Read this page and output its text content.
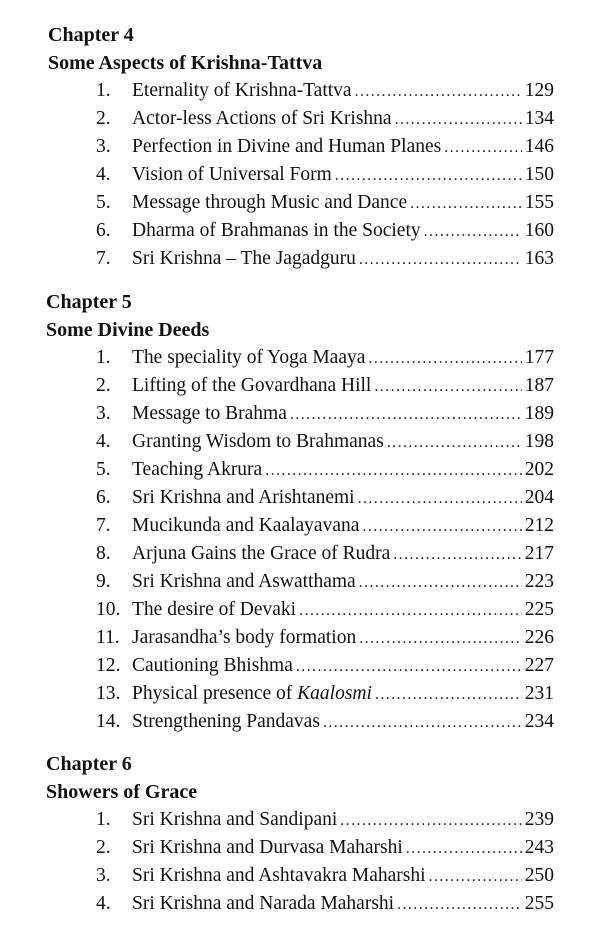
Chapter 4
Some Aspects of Krishna-Tattva
1.	Eternality of Krishna-Tattva .....	129
2.	Actor-less Actions of Sri Krishna .....	134
3.	Perfection in Divine and Human Planes .....	146
4.	Vision of Universal Form .....	150
5.	Message through Music and Dance .....	155
6.	Dharma of Brahmanas in the Society .....	160
7.	Sri Krishna – The Jagadguru .....	163
Chapter 5
Some Divine Deeds
1.	The speciality of Yoga Maaya .....	177
2.	Lifting of the Govardhana Hill .....	187
3.	Message to Brahma .....	189
4.	Granting Wisdom to Brahmanas .....	198
5.	Teaching Akrura .....	202
6.	Sri Krishna and Arishtanemi .....	204
7.	Mucikunda and Kaalayavana .....	212
8.	Arjuna Gains the Grace of Rudra .....	217
9.	Sri Krishna and Aswatthama .....	223
10. The desire of Devaki .....	225
11. Jarasandha’s body formation .....	226
12. Cautioning Bhishma .....	227
13. Physical presence of Kaalosmi .....	231
14. Strengthening Pandavas .....	234
Chapter 6
Showers of Grace
1.	Sri Krishna and Sandipani .....	239
2.	Sri Krishna and Durvasa Maharshi .....	243
3.	Sri Krishna and Ashtavakra Maharshi .....	250
4.	Sri Krishna and Narada Maharshi .....	255
